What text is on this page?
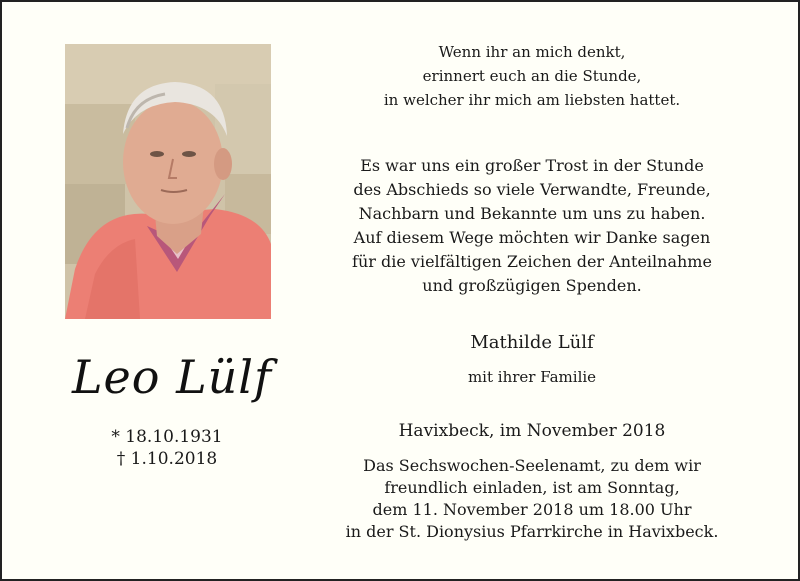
Leo Lülf
* 18.10.1931
† 1.10.2018
Wenn ihr an mich denkt,
erinnert euch an die Stunde,
in welcher ihr mich am liebsten hattet.
Es war uns ein großer Trost in der Stunde
des Abschieds so viele Verwandte, Freunde,
Nachbarn und Bekannte um uns zu haben.
Auf diesem Wege möchten wir Danke sagen
für die vielfältigen Zeichen der Anteilnahme
und großzügigen Spenden.
Mathilde Lülf
mit ihrer Familie
Havixbeck, im November 2018
Das Sechswochen-Seelenamt, zu dem wir
freundlich einladen, ist am Sonntag,
dem 11. November 2018 um 18.00 Uhr
in der St. Dionysius Pfarrkirche in Havixbeck.
